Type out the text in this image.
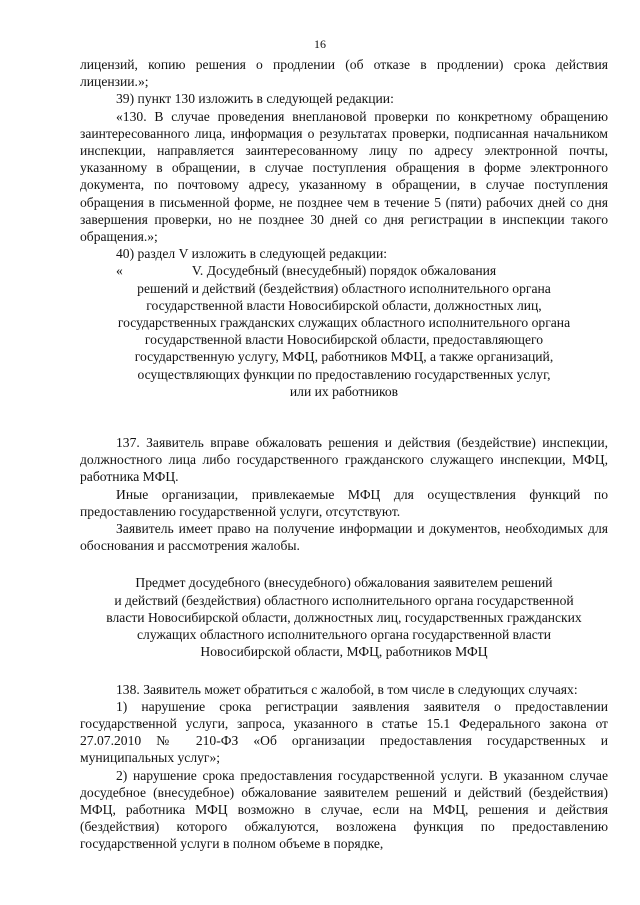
16

лицензий, копию решения о продлении (об отказе в продлении) срока действия лицензии.»;

39) пункт 130 изложить в следующей редакции:

«130. В случае проведения внеплановой проверки по конкретному обращению заинтересованного лица, информация о результатах проверки, подписанная начальником инспекции, направляется заинтересованному лицу по адресу электронной почты, указанному в обращении, в случае поступления обращения в форме электронного документа, по почтовому адресу, указанному в обращении, в случае поступления обращения в письменной форме, не позднее чем в течение 5 (пяти) рабочих дней со дня завершения проверки, но не позднее 30 дней со дня регистрации в инспекции такого обращения.»;

40) раздел V изложить в следующей редакции:

«	V. Досудебный (внесудебный) порядок обжалования

решений и действий (бездействия) областного исполнительного органа

государственной власти Новосибирской области, должностных лиц,

государственных гражданских служащих областного исполнительного органа

государственной власти Новосибирской области, предоставляющего

государственную услугу, МФЦ, работников МФЦ, а также организаций,

осуществляющих функции по предоставлению государственных услуг,

или их работников

137. Заявитель вправе обжаловать решения и действия (бездействие) инспекции, должностного лица либо государственного гражданского служащего инспекции, МФЦ, работника МФЦ.

Иные организации, привлекаемые МФЦ для осуществления функций по предоставлению государственной услуги, отсутствуют.

Заявитель имеет право на получение информации и документов, необходимых для обоснования и рассмотрения жалобы.

Предмет досудебного (внесудебного) обжалования заявителем решений

и действий (бездействия) областного исполнительного органа государственной

власти Новосибирской области, должностных лиц, государственных гражданских

служащих областного исполнительного органа государственной власти

Новосибирской области, МФЦ, работников МФЦ

138. Заявитель может обратиться с жалобой, в том числе в следующих случаях:

1) нарушение срока регистрации заявления заявителя о предоставлении государственной услуги, запроса, указанного в статье 15.1 Федерального закона от 27.07.2010 № 210-ФЗ «Об организации предоставления государственных и муниципальных услуг»;

2) нарушение срока предоставления государственной услуги. В указанном случае досудебное (внесудебное) обжалование заявителем решений и действий (бездействия) МФЦ, работника МФЦ возможно в случае, если на МФЦ, решения и действия (бездействия) которого обжалуются, возложена функция по предоставлению государственной услуги в полном объеме в порядке,
